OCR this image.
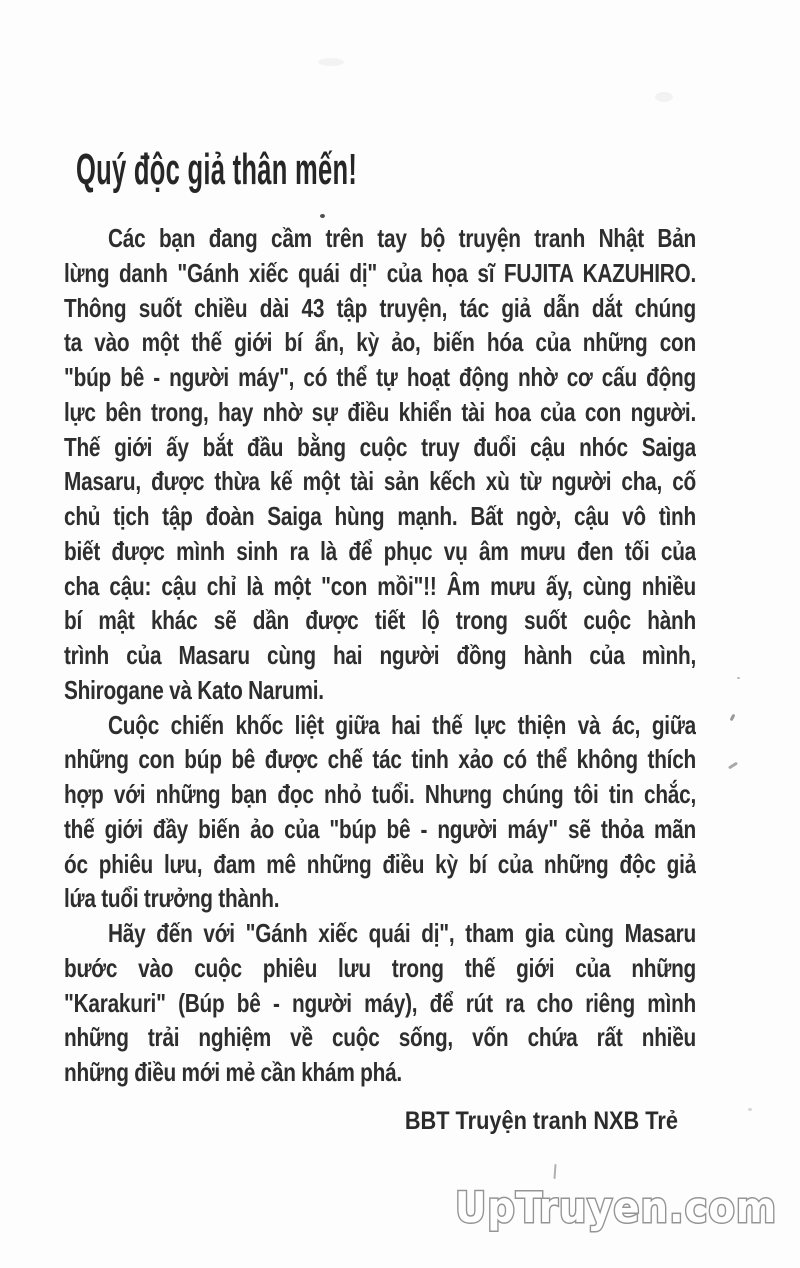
Quý độc giả thân mến!
Các bạn đang cầm trên tay bộ truyện tranh Nhật Bản
lừng danh "Gánh xiếc quái dị" của họa sĩ FUJITA KAZUHIRO.
Thông suốt chiều dài 43 tập truyện, tác giả dẫn dắt chúng
ta vào một thế giới bí ẩn, kỳ ảo, biến hóa của những con
"búp bê - người máy", có thể tự hoạt động nhờ cơ cấu động
lực bên trong, hay nhờ sự điều khiển tài hoa của con người.
Thế giới ấy bắt đầu bằng cuộc truy đuổi cậu nhóc Saiga
Masaru, được thừa kế một tài sản kếch xù từ người cha, cố
chủ tịch tập đoàn Saiga hùng mạnh. Bất ngờ, cậu vô tình
biết được mình sinh ra là để phục vụ âm mưu đen tối của
cha cậu: cậu chỉ là một "con mồi"!! Âm mưu ấy, cùng nhiều
bí mật khác sẽ dần được tiết lộ trong suốt cuộc hành
trình của Masaru cùng hai người đồng hành của mình,
Shirogane và Kato Narumi.
Cuộc chiến khốc liệt giữa hai thế lực thiện và ác, giữa
những con búp bê được chế tác tinh xảo có thể không thích
hợp với những bạn đọc nhỏ tuổi. Nhưng chúng tôi tin chắc,
thế giới đầy biến ảo của "búp bê - người máy" sẽ thỏa mãn
óc phiêu lưu, đam mê những điều kỳ bí của những độc giả
lứa tuổi trưởng thành.
Hãy đến với "Gánh xiếc quái dị", tham gia cùng Masaru
bước vào cuộc phiêu lưu trong thế giới của những
"Karakuri" (Búp bê - người máy), để rút ra cho riêng mình
những trải nghiệm về cuộc sống, vốn chứa rất nhiều
những điều mới mẻ cần khám phá.
BBT Truyện tranh NXB Trẻ
UpTruyen.com
